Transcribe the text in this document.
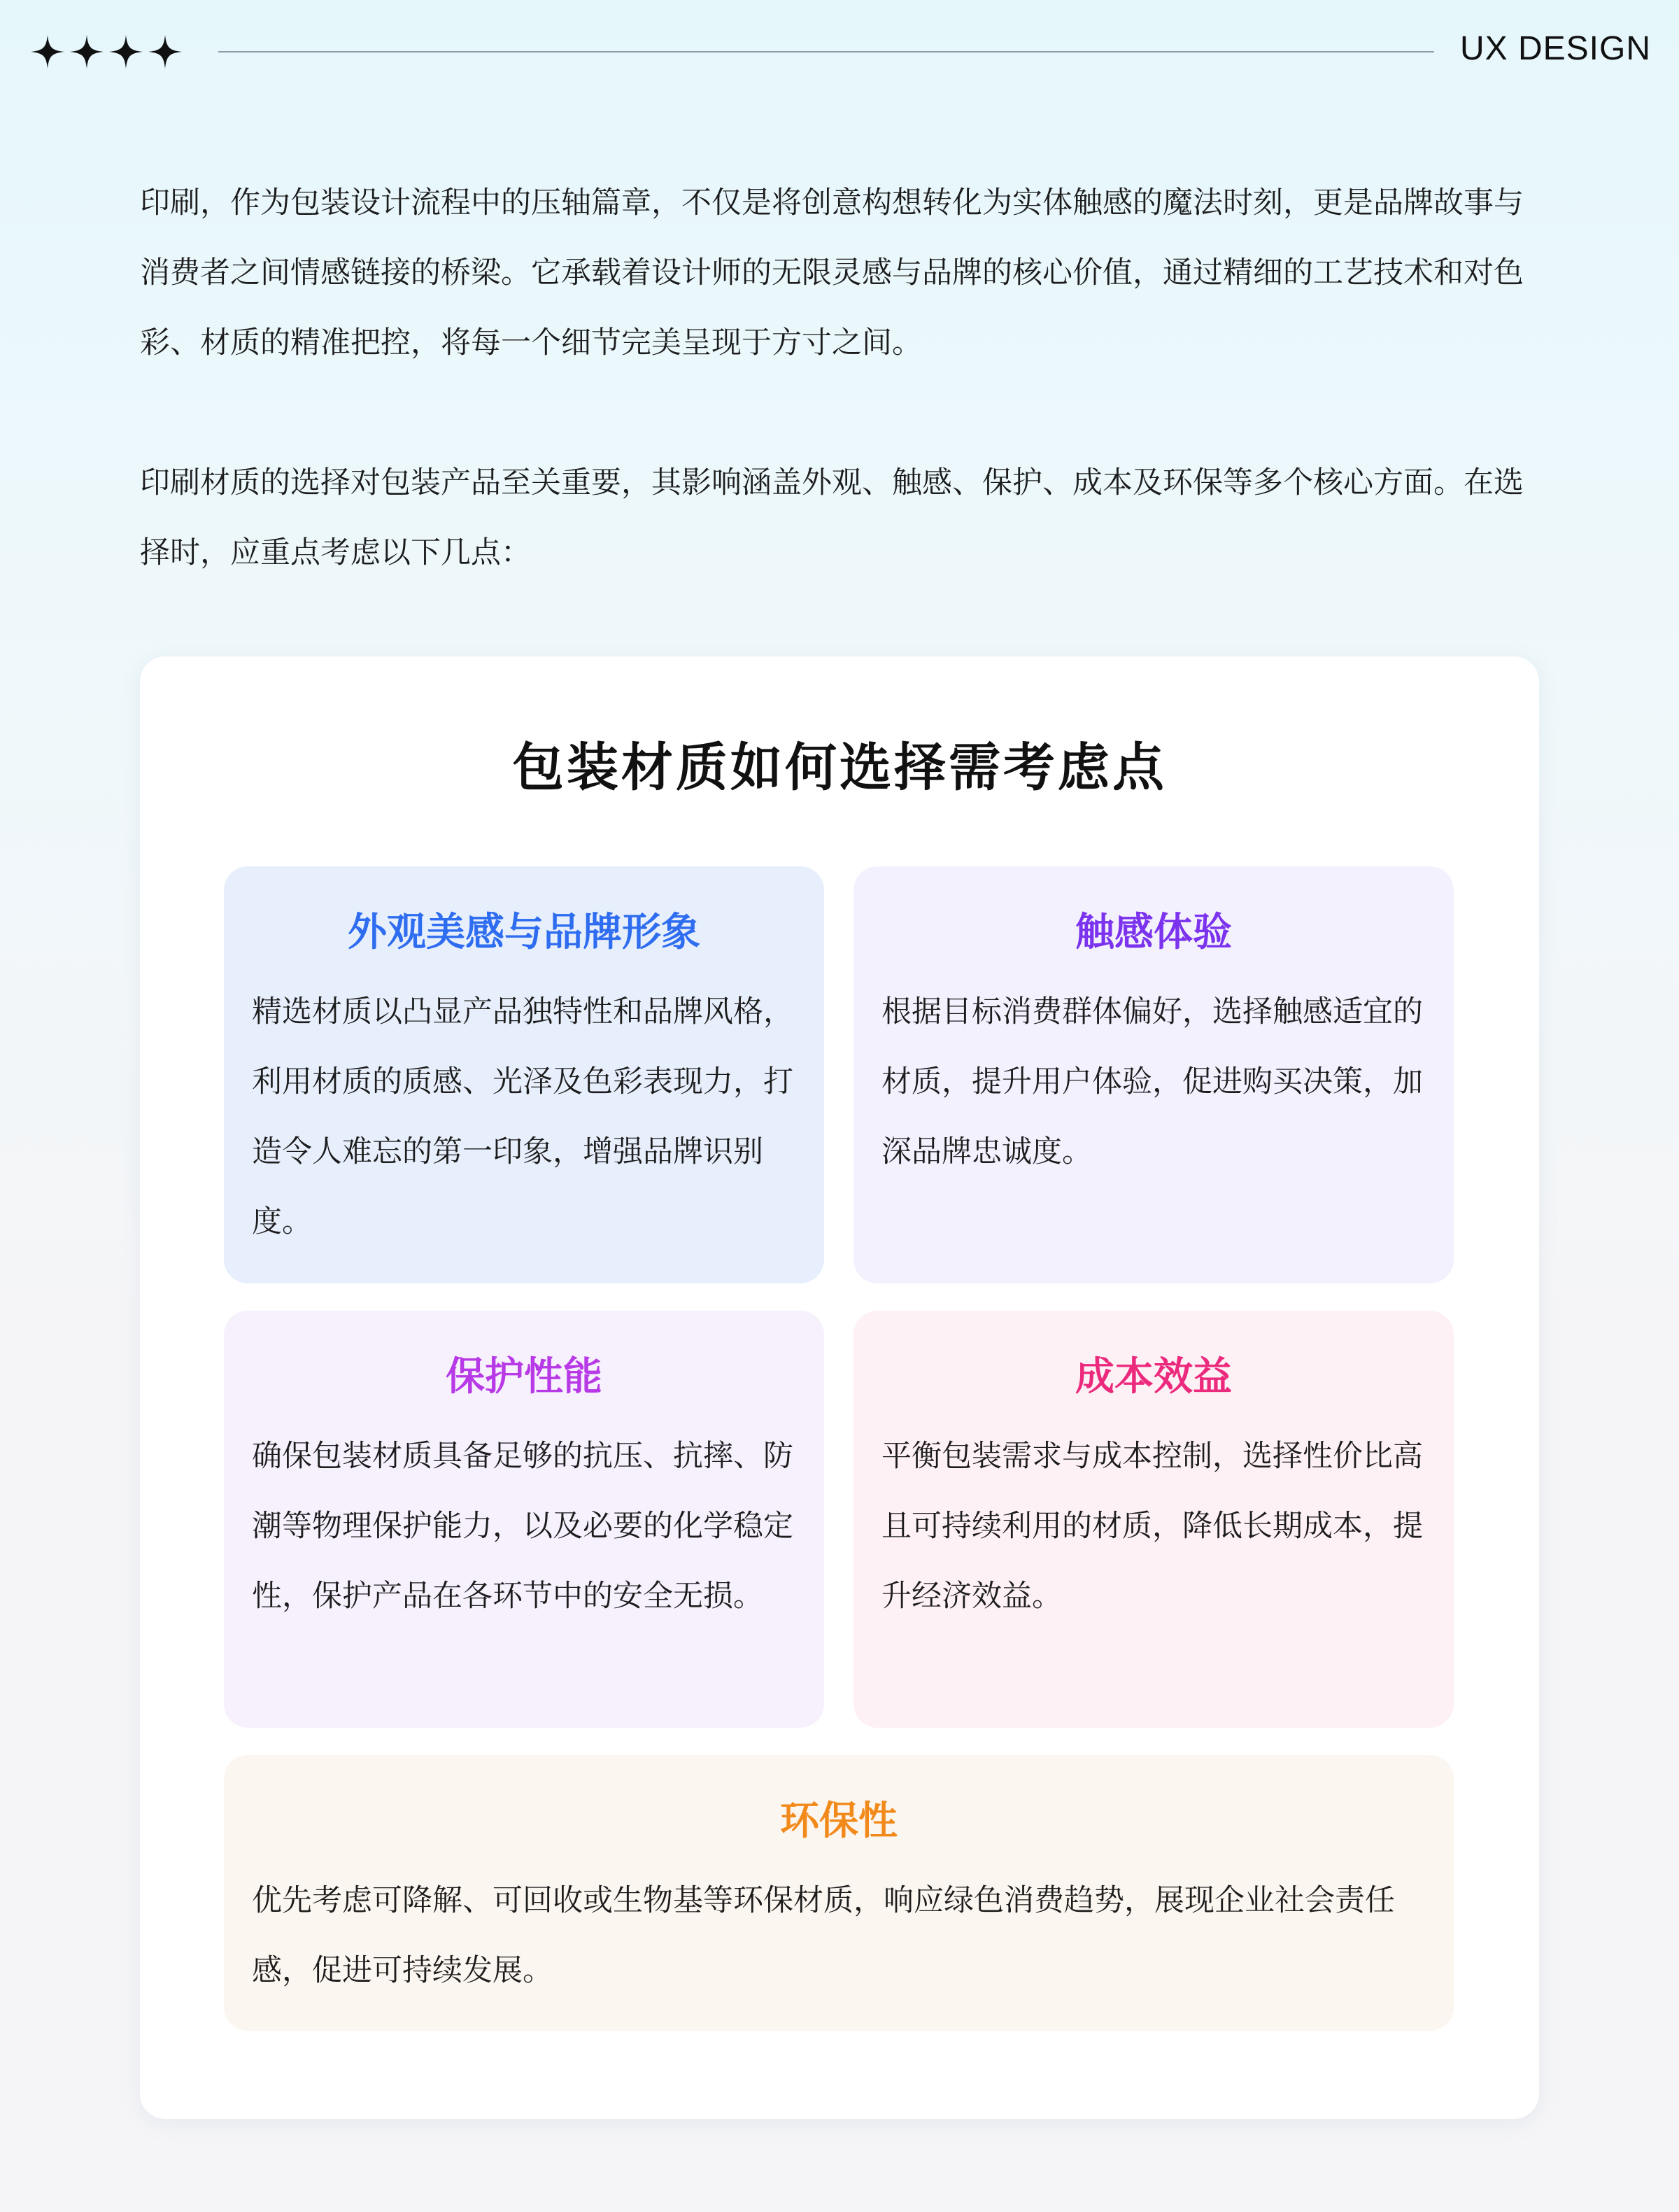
UX DESIGN

印刷，作为包装设计流程中的压轴篇章，不仅是将创意构想转化为实体触感的魔法时刻，更是品牌故事与消费者之间情感链接的桥梁。它承载着设计师的无限灵感与品牌的核心价值，通过精细的工艺技术和对色彩、材质的精准把控，将每一个细节完美呈现于方寸之间。

印刷材质的选择对包装产品至关重要，其影响涵盖外观、触感、保护、成本及环保等多个核心方面。在选择时，应重点考虑以下几点：

包装材质如何选择需考虑点
外观美感与品牌形象

精选材质以凸显产品独特性和品牌风格，利用材质的质感、光泽及色彩表现力，打造令人难忘的第一印象，增强品牌识别度。

触感体验

根据目标消费群体偏好，选择触感适宜的材质，提升用户体验，促进购买决策，加深品牌忠诚度。

保护性能

确保包装材质具备足够的抗压、抗摔、防潮等物理保护能力，以及必要的化学稳定性，保护产品在各环节中的安全无损。

成本效益

平衡包装需求与成本控制，选择性价比高且可持续利用的材质，降低长期成本，提升经济效益。

环保性

优先考虑可降解、可回收或生物基等环保材质，响应绿色消费趋势，展现企业社会责任感，促进可持续发展。
